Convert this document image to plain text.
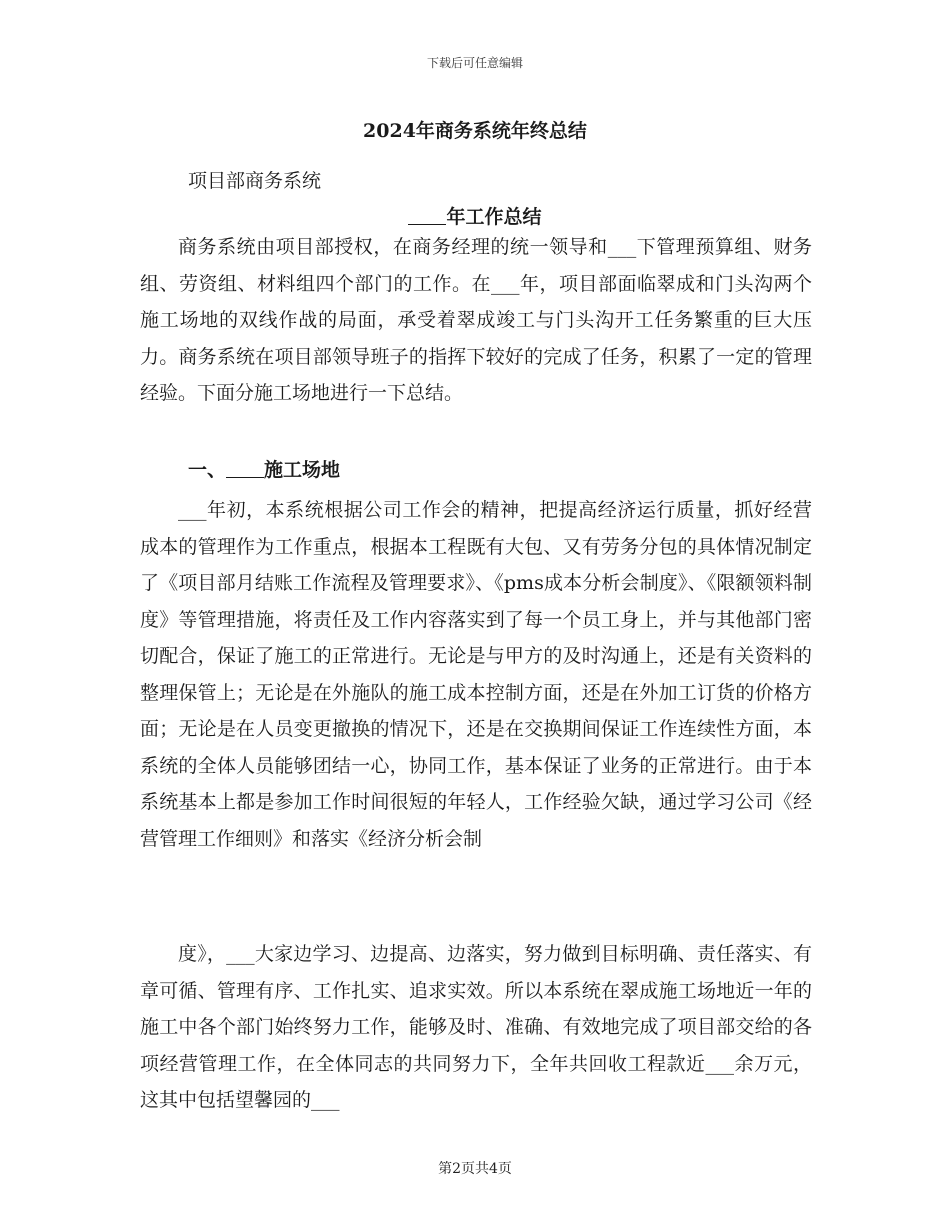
下载后可任意编辑
2024年商务系统年终总结
项目部商务系统
年工作总结

商务系统由项目部授权，在商务经理的统一领导和___下管理预算组、财务组、劳资组、材料组四个部门的工作。在___年，项目部面临翠成和门头沟两个施工场地的双线作战的局面，承受着翠成竣工与门头沟开工任务繁重的巨大压力。商务系统在项目部领导班子的指挥下较好的完成了任务，积累了一定的管理经验。下面分施工场地进行一下总结。

一、 施工场地

___年初，本系统根据公司工作会的精神，把提高经济运行质量，抓好经营成本的管理作为工作重点，根据本工程既有大包、又有劳务分包的具体情况制定了《项目部月结账工作流程及管理要求》、《pms成本分析会制度》、《限额领料制度》等管理措施，将责任及工作内容落实到了每一个员工身上，并与其他部门密切配合，保证了施工的正常进行。无论是与甲方的及时沟通上，还是有关资料的整理保管上；无论是在外施队的施工成本控制方面，还是在外加工订货的价格方面；无论是在人员变更撤换的情况下，还是在交换期间保证工作连续性方面，本系统的全体人员能够团结一心，协同工作，基本保证了业务的正常进行。由于本系统基本上都是参加工作时间很短的年轻人，工作经验欠缺，通过学习公司《经营管理工作细则》和落实《经济分析会制

度》，___大家边学习、边提高、边落实，努力做到目标明确、责任落实、有章可循、管理有序、工作扎实、追求实效。所以本系统在翠成施工场地近一年的施工中各个部门始终努力工作，能够及时、准确、有效地完成了项目部交给的各项经营管理工作，在全体同志的共同努力下，全年共回收工程款近___余万元，这其中包括望馨园的___

第2页共4页
